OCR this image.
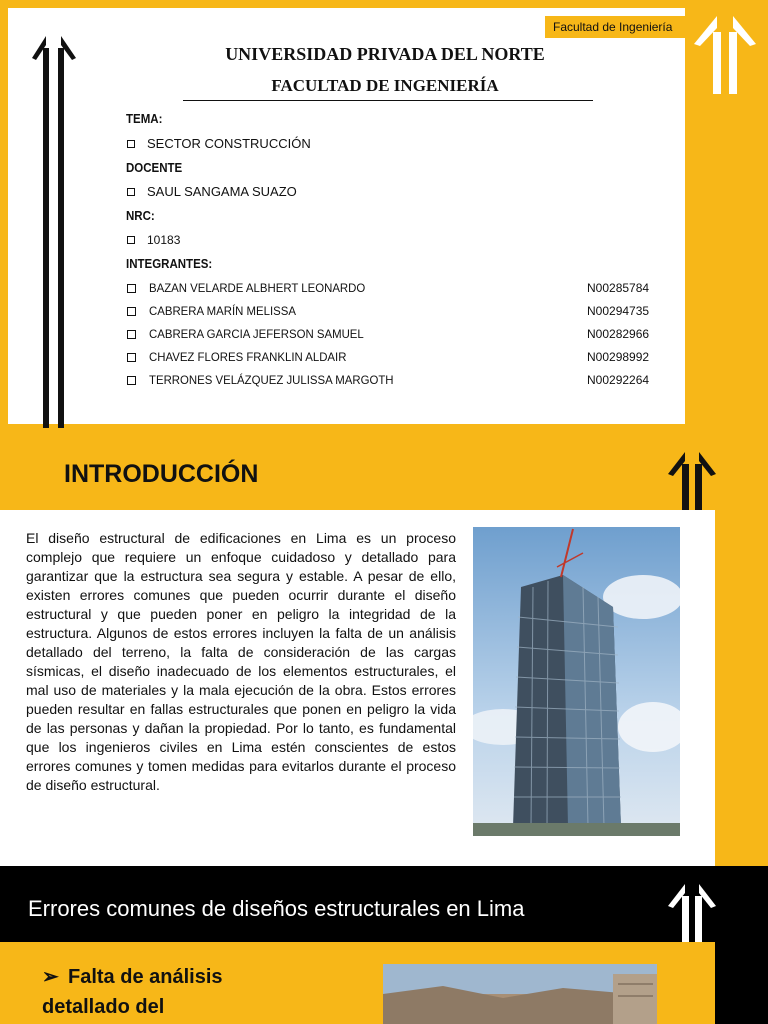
Facultad de Ingeniería
UNIVERSIDAD PRIVADA DEL NORTE
FACULTAD DE INGENIERÍA
TEMA:
SECTOR CONSTRUCCIÓN
DOCENTE
SAUL SANGAMA SUAZO
NRC:
10183
INTEGRANTES:
BAZAN VELARDE ALBHERT LEONARDO	N00285784
CABRERA MARÍN MELISSA	N00294735
CABRERA GARCIA JEFERSON SAMUEL	N00282966
CHAVEZ FLORES FRANKLIN ALDAIR	N00298992
TERRONES VELÁZQUEZ JULISSA MARGOTH	N00292264
INTRODUCCIÓN
El diseño estructural de edificaciones en Lima es un proceso complejo que requiere un enfoque cuidadoso y detallado para garantizar que la estructura sea segura y estable. A pesar de ello, existen errores comunes que pueden ocurrir durante el diseño estructural y que pueden poner en peligro la integridad de la estructura. Algunos de estos errores incluyen la falta de un análisis detallado del terreno, la falta de consideración de las cargas sísmicas, el diseño inadecuado de los elementos estructurales, el mal uso de materiales y la mala ejecución de la obra. Estos errores pueden resultar en fallas estructurales que ponen en peligro la vida de las personas y dañan la propiedad. Por lo tanto, es fundamental que los ingenieros civiles en Lima estén conscientes de estos errores comunes y tomen medidas para evitarlos durante el proceso de diseño estructural.
Errores comunes de diseños estructurales en Lima
➢ Falta de análisis detallado del
